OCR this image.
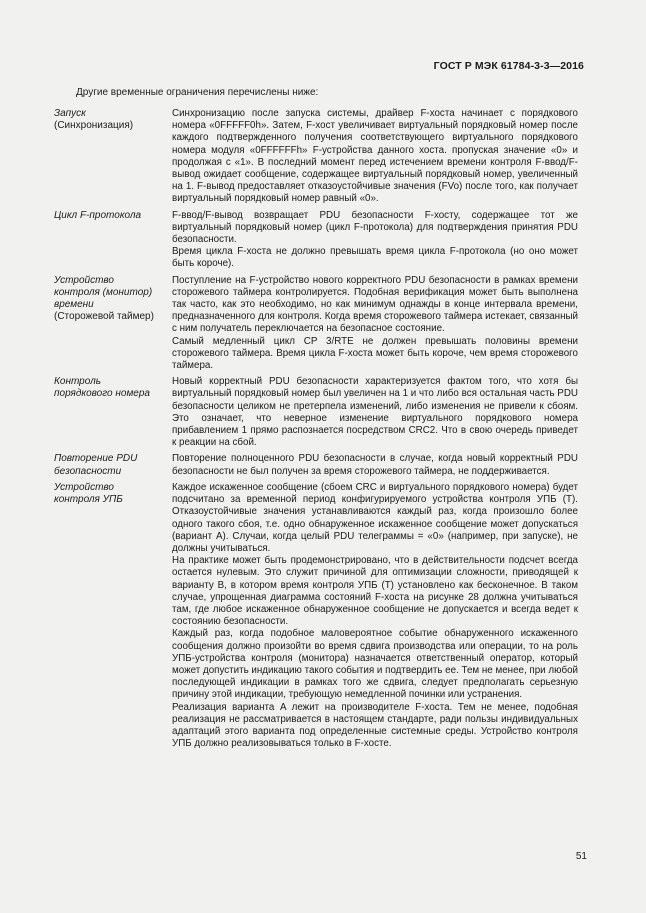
ГОСТ Р МЭК 61784-3-3—2016
Другие временные ограничения перечислены ниже:
Запуск
(Синхронизация)

Синхронизацию после запуска системы, драйвер F-хоста начинает с порядкового номера «0FFFFF0h». Затем, F-хост увеличивает виртуальный порядковый номер после каждого подтвержденного получения соответствующего виртуального порядкового номера модуля «0FFFFFFh» F-устройства данного хоста. пропуская значение «0» и продолжая с «1». В последний момент перед истечением времени контроля F-ввод/F-вывод ожидает сообщение, содержащее виртуальный порядковый номер, увеличенный на 1. F-вывод предоставляет отказоустойчивые значения (FVo) после того, как получает виртуальный порядковый номер равный «0».

Цикл F-протокола	F-ввод/F-вывод возвращает PDU безопасности F-хосту, содержащее тот же виртуальный порядковый номер (цикл F-протокола) для подтверждения принятия PDU безопасности.

Время цикла F-хоста не должно превышать время цикла F-протокола (но оно может быть короче).

Устройство
контроля (монитор)
времени
(Сторожевой таймер)

Поступление на F-устройство нового корректного PDU безопасности в рамках времени сторожевого таймера контролируется. Подобная верификация может быть выполнена так часто, как это необходимо, но как минимум однажды в конце интервала времени, предназначенного для контроля. Когда время сторожевого таймера истекает, связанный с ним получатель переключается на безопасное состояние.

Самый медленный цикл CP 3/RTE не должен превышать половины времени сторожевого таймера. Время цикла F-хоста может быть короче, чем время сторожевого таймера.

Контроль
порядкового номера

Новый корректный PDU безопасности характеризуется фактом того, что хотя бы виртуальный порядковый номер был увеличен на 1 и что либо вся остальная часть PDU безопасности целиком не претерпела изменений, либо изменения не привели к сбоям. Это означает, что неверное изменение виртуального порядкового номера прибавлением 1 прямо распознается посредством CRC2. Что в свою очередь приведет к реакции на сбой.

Повторение PDU
безопасности

Повторение полноценного PDU безопасности в случае, когда новый корректный PDU безопасности не был получен за время сторожевого таймера, не поддерживается.

Устройство
контроля УПБ

Каждое искаженное сообщение (сбоем CRC и виртуального порядкового номера) будет подсчитано за временной период конфигурируемого устройства контроля УПБ (T). Отказоустойчивые значения устанавливаются каждый раз, когда произошло более одного такого сбоя, т.е. одно обнаруженное искаженное сообщение может допускаться (вариант A). Случаи, когда целый PDU телеграммы = «0» (например, при запуске), не должны учитываться.

На практике может быть продемонстрировано, что в действительности подсчет всегда остается нулевым. Это служит причиной для оптимизации сложности, приводящей к варианту B, в котором время контроля УПБ (T) установлено как бесконечное. В таком случае, упрощенная диаграмма состояний F-хоста на рисунке 28 должна учитываться там, где любое искаженное обнаруженное сообщение не допускается и всегда ведет к состоянию безопасности.

Каждый раз, когда подобное маловероятное событие обнаруженного искаженного сообщения должно произойти во время сдвига производства или операции, то на роль УПБ-устройства контроля (монитора) назначается ответственный оператор, который может допустить индикацию такого события и подтвердить ее. Тем не менее, при любой последующей индикации в рамках того же сдвига, следует предполагать серьезную причину этой индикации, требующую немедленной починки или устранения.

Реализация варианта A лежит на производителе F-хоста. Тем не менее, подобная реализация не рассматривается в настоящем стандарте, ради пользы индивидуальных адаптаций этого варианта под определенные системные среды. Устройство контроля УПБ должно реализовываться только в F-хосте.

51
